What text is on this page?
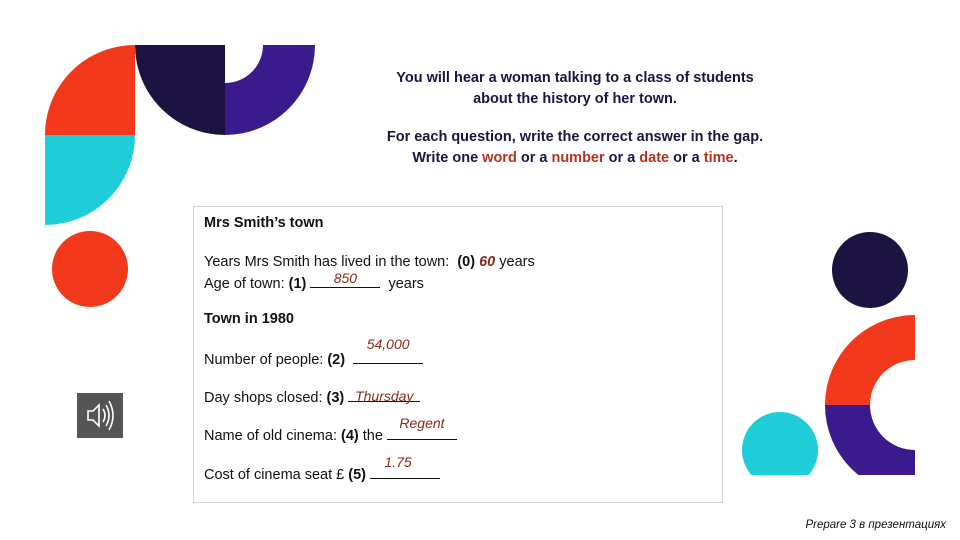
You will hear a woman talking to a class of students

about the history of her town.

For each question, write the correct answer in the gap.

Write one word or a number or a date or a time.

Mrs Smith’s town
Years Mrs Smith has lived in the town: (0) 60 years
Age of town: (1)	850	years
Town in 1980
Number of people: (2)
54,000
Day shops closed: (3) Thursday
Name of old cinema: (4) the
Regent
Cost of cinema seat £ (5)
1.75
Prepare 3 в презентациях
